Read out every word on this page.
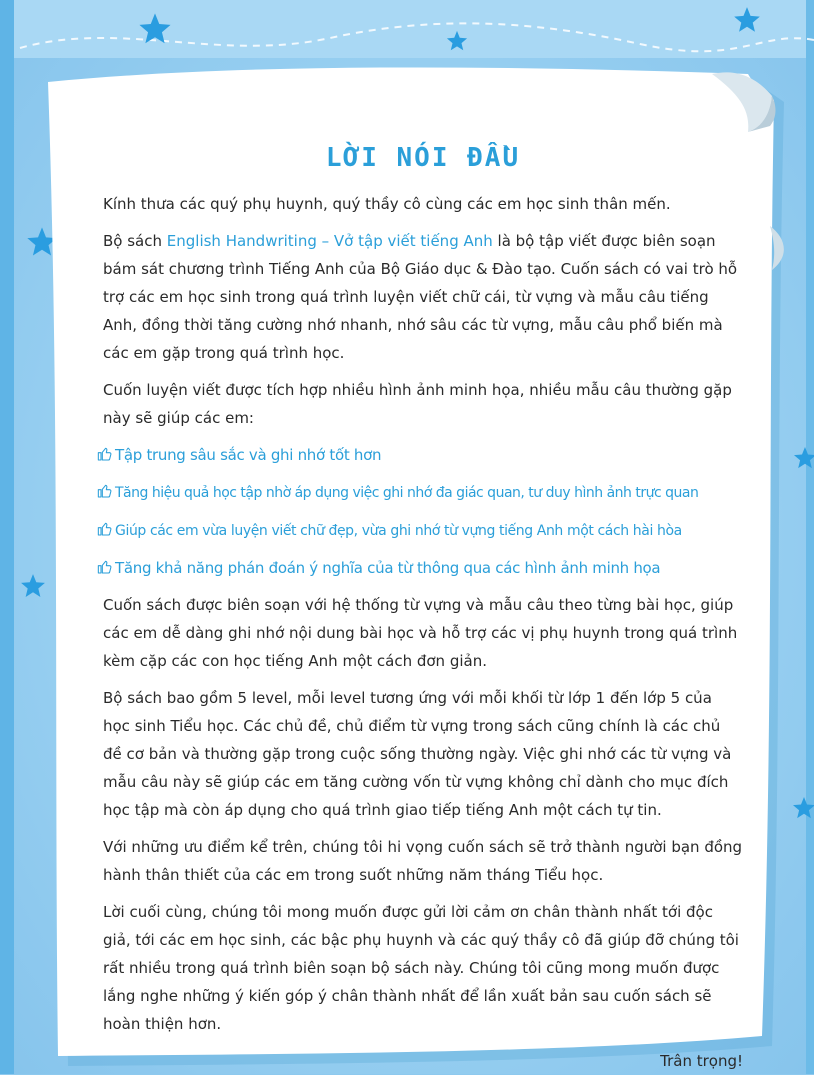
LỜI NÓI ĐẦU

Kính thưa các quý phụ huynh, quý thầy cô cùng các em học sinh thân mến.

Bộ sách English Handwriting – Vở tập viết tiếng Anh là bộ tập viết được biên soạn bám sát chương trình Tiếng Anh của Bộ Giáo dục & Đào tạo. Cuốn sách có vai trò hỗ trợ các em học sinh trong quá trình luyện viết chữ cái, từ vựng và mẫu câu tiếng Anh, đồng thời tăng cường nhớ nhanh, nhớ sâu các từ vựng, mẫu câu phổ biến mà các em gặp trong quá trình học.

Cuốn luyện viết được tích hợp nhiều hình ảnh minh họa, nhiều mẫu câu thường gặp này sẽ giúp các em:

Tập trung sâu sắc và ghi nhớ tốt hơn
Tăng hiệu quả học tập nhờ áp dụng việc ghi nhớ đa giác quan, tư duy hình ảnh trực quan
Giúp các em vừa luyện viết chữ đẹp, vừa ghi nhớ từ vựng tiếng Anh một cách hài hòa
Tăng khả năng phán đoán ý nghĩa của từ thông qua các hình ảnh minh họa

Cuốn sách được biên soạn với hệ thống từ vựng và mẫu câu theo từng bài học, giúp các em dễ dàng ghi nhớ nội dung bài học và hỗ trợ các vị phụ huynh trong quá trình kèm cặp các con học tiếng Anh một cách đơn giản.

Bộ sách bao gồm 5 level, mỗi level tương ứng với mỗi khối từ lớp 1 đến lớp 5 của học sinh Tiểu học. Các chủ đề, chủ điểm từ vựng trong sách cũng chính là các chủ đề cơ bản và thường gặp trong cuộc sống thường ngày. Việc ghi nhớ các từ vựng và mẫu câu này sẽ giúp các em tăng cường vốn từ vựng không chỉ dành cho mục đích học tập mà còn áp dụng cho quá trình giao tiếp tiếng Anh một cách tự tin.

Với những ưu điểm kể trên, chúng tôi hi vọng cuốn sách sẽ trở thành người bạn đồng hành thân thiết của các em trong suốt những năm tháng Tiểu học.

Lời cuối cùng, chúng tôi mong muốn được gửi lời cảm ơn chân thành nhất tới độc giả, tới các em học sinh, các bậc phụ huynh và các quý thầy cô đã giúp đỡ chúng tôi rất nhiều trong quá trình biên soạn bộ sách này. Chúng tôi cũng mong muốn được lắng nghe những ý kiến góp ý chân thành nhất để lần xuất bản sau cuốn sách sẽ hoàn thiện hơn.

Trân trọng!
